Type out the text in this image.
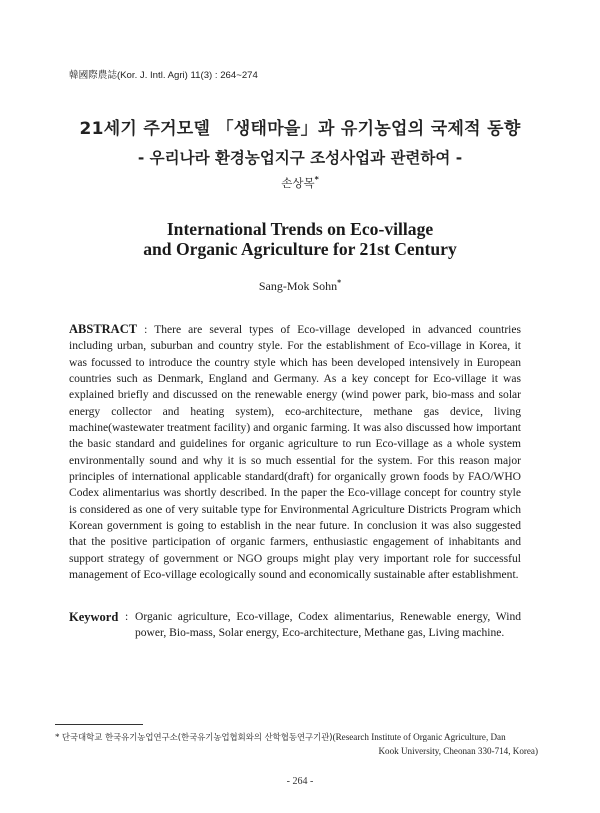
韓國際農誌(Kor. J. Intl. Agri) 11(3) : 264~274
21세기 주거모델 「생태마을」과 유기농업의 국제적 동향
- 우리나라 환경농업지구 조성사업과 관련하여 -
손상목*
International Trends on Eco-village
and Organic Agriculture for 21st Century
Sang-Mok Sohn*
ABSTRACT : There are several types of Eco-village developed in advanced countries including urban, suburban and country style. For the establishment of Eco-village in Korea, it was focussed to introduce the country style which has been developed intensively in European countries such as Denmark, England and Germany. As a key concept for Eco-village it was explained briefly and discussed on the renewable energy (wind power park, bio-mass and solar energy collector and heating system), eco-architecture, methane gas device, living machine(wastewater treatment facility) and organic farming. It was also discussed how important the basic standard and guidelines for organic agriculture to run Eco-village as a whole system environmentally sound and why it is so much essential for the system. For this reason major principles of international applicable standard(draft) for organically grown foods by FAO/WHO Codex alimentarius was shortly described. In the paper the Eco-village concept for country style is considered as one of very suitable type for Environmental Agriculture Districts Program which Korean government is going to establish in the near future. In conclusion it was also suggested that the positive participation of organic farmers, enthusiastic engagement of inhabitants and support strategy of government or NGO groups might play very important role for successful management of Eco-village ecologically sound and economically sustainable after establishment.
Keyword : Organic agriculture, Eco-village, Codex alimentarius, Renewable energy, Wind power, Bio-mass, Solar energy, Eco-architecture, Methane gas, Living machine.
* 단국대학교 한국유기농업연구소(한국유기농업협회와의 산학협동연구기관)(Research Institute of Organic Agriculture, Dan
Kook University, Cheonan 330-714, Korea)
- 264 -
